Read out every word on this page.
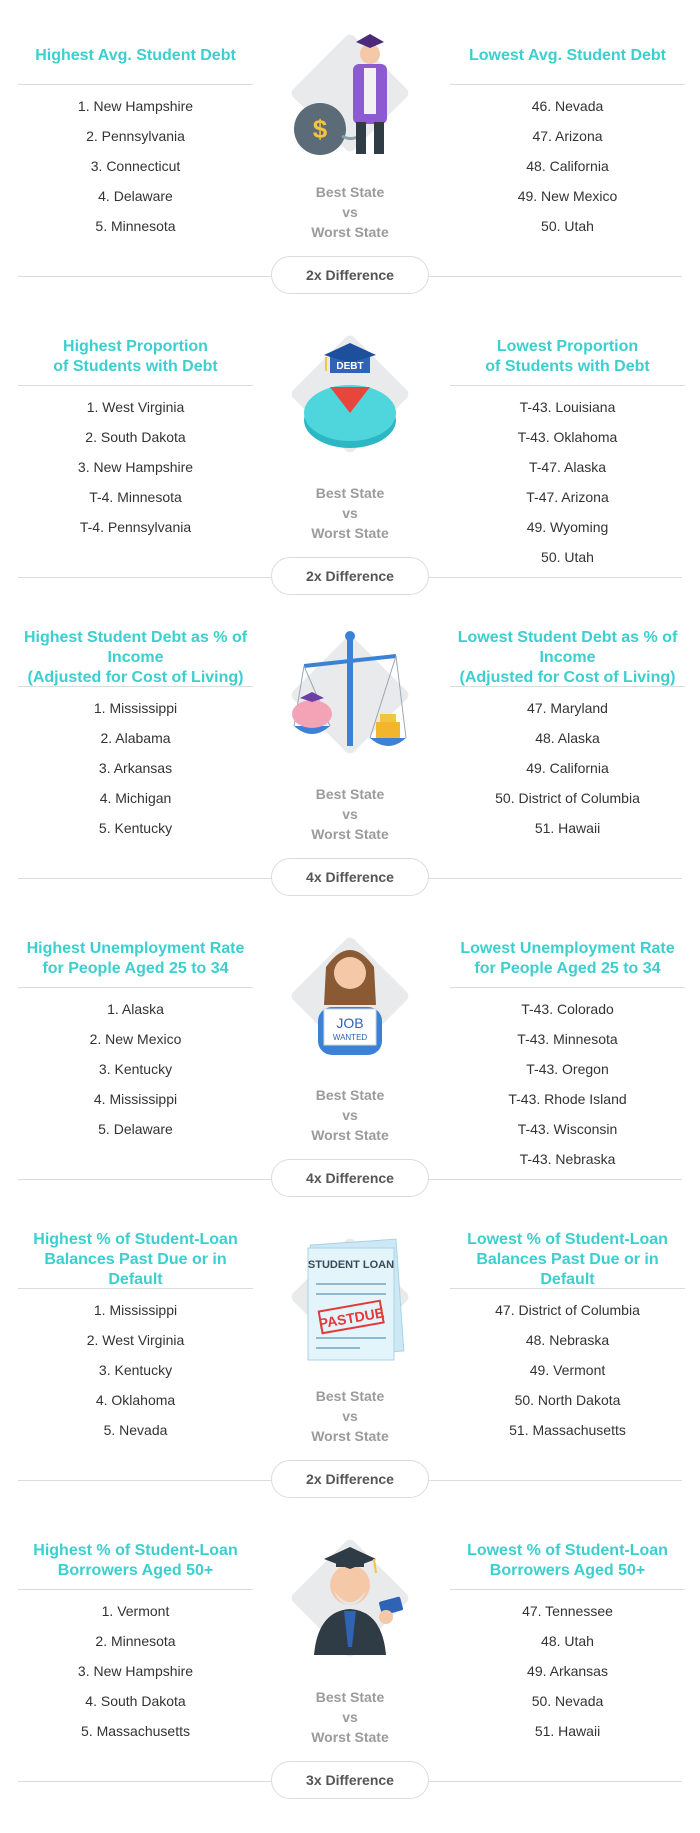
Highest Avg. Student Debt
1. New Hampshire
2. Pennsylvania
3. Connecticut
4. Delaware
5. Minnesota
$
Best State
vs
Worst State
Lowest Avg. Student Debt
46. Nevada
47. Arizona
48. California
49. New Mexico
50. Utah
2x Difference
Highest Proportion
of Students with Debt
1. West Virginia
2. South Dakota
3. New Hampshire
T-4. Minnesota
T-4. Pennsylvania
DEBT
Best State
vs
Worst State
Lowest Proportion
of Students with Debt
T-43. Louisiana
T-43. Oklahoma
T-47. Alaska
T-47. Arizona
49. Wyoming
50. Utah
2x Difference
Highest Student Debt as % of Income
(Adjusted for Cost of Living)
1. Mississippi
2. Alabama
3. Arkansas
4. Michigan
5. Kentucky
Best State
vs
Worst State
Lowest Student Debt as % of Income
(Adjusted for Cost of Living)
47. Maryland
48. Alaska
49. California
50. District of Columbia
51. Hawaii
4x Difference
Highest Unemployment Rate
for People Aged 25 to 34
1. Alaska
2. New Mexico
3. Kentucky
4. Mississippi
5. Delaware
JOB
WANTED
Best State
vs
Worst State
Lowest Unemployment Rate
for People Aged 25 to 34
T-43. Colorado
T-43. Minnesota
T-43. Oregon
T-43. Rhode Island
T-43. Wisconsin
T-43. Nebraska
4x Difference
Highest % of Student-Loan
Balances Past Due or in Default
1. Mississippi
2. West Virginia
3. Kentucky
4. Oklahoma
5. Nevada
STUDENT LOAN
PASTDUE
Best State
vs
Worst State
Lowest % of Student-Loan
Balances Past Due or in Default
47. District of Columbia
48. Nebraska
49. Vermont
50. North Dakota
51. Massachusetts
2x Difference
Highest % of Student-Loan
Borrowers Aged 50+
1. Vermont
2. Minnesota
3. New Hampshire
4. South Dakota
5. Massachusetts
Best State
vs
Worst State
Lowest % of Student-Loan
Borrowers Aged 50+
47. Tennessee
48. Utah
49. Arkansas
50. Nevada
51. Hawaii
3x Difference
